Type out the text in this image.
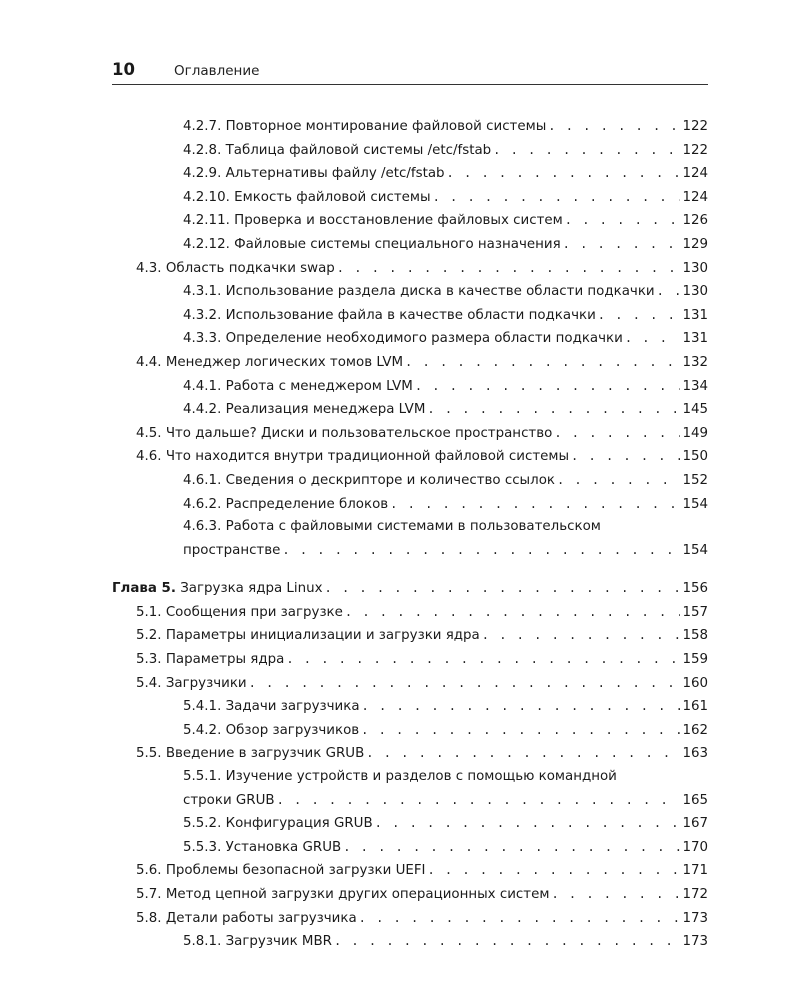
10	Оглавление
4.2.7. Повторное монтирование файловой системы . . .	122
4.2.8. Таблица файловой системы /etc/fstab . . .	122
4.2.9. Альтернативы файлу /etc/fstab . . .	124
4.2.10. Емкость файловой системы . . .	124
4.2.11. Проверка и восстановление файловых систем . . .	126
4.2.12. Файловые системы специального назначения . . .	129
4.3. Область подкачки swap . . .	130
4.3.1. Использование раздела диска в качестве области подкачки . . . 130
4.3.2. Использование файла в качестве области подкачки . . .	131
4.3.3. Определение необходимого размера области подкачки . . .	131
4.4. Менеджер логических томов LVM . . .	132
4.4.1. Работа с менеджером LVM . . .	134
4.4.2. Реализация менеджера LVM . . .	145
4.5. Что дальше? Диски и пользовательское пространство . . .	149
4.6. Что находится внутри традиционной файловой системы . . .	150
4.6.1. Сведения о дескрипторе и количество ссылок . . .	152
4.6.2. Распределение блоков . . .	154
4.6.3. Работа с файловыми системами в пользовательском
пространстве . . .	154
Глава 5. Загрузка ядра Linux . . .	156
5.1. Сообщения при загрузке . . .	157
5.2. Параметры инициализации и загрузки ядра . . .	158
5.3. Параметры ядра . . .	159
5.4. Загрузчики . . .	160
5.4.1. Задачи загрузчика . . .	161
5.4.2. Обзор загрузчиков . . .	162
5.5. Введение в загрузчик GRUB . . .	163
5.5.1. Изучение устройств и разделов с помощью командной
строки GRUB . . .	165
5.5.2. Конфигурация GRUB . . .	167
5.5.3. Установка GRUB . . .	170
5.6. Проблемы безопасной загрузки UEFI . . .	171
5.7. Метод цепной загрузки других операционных систем . . .	172
5.8. Детали работы загрузчика . . .	173
5.8.1. Загрузчик MBR . . .	173
